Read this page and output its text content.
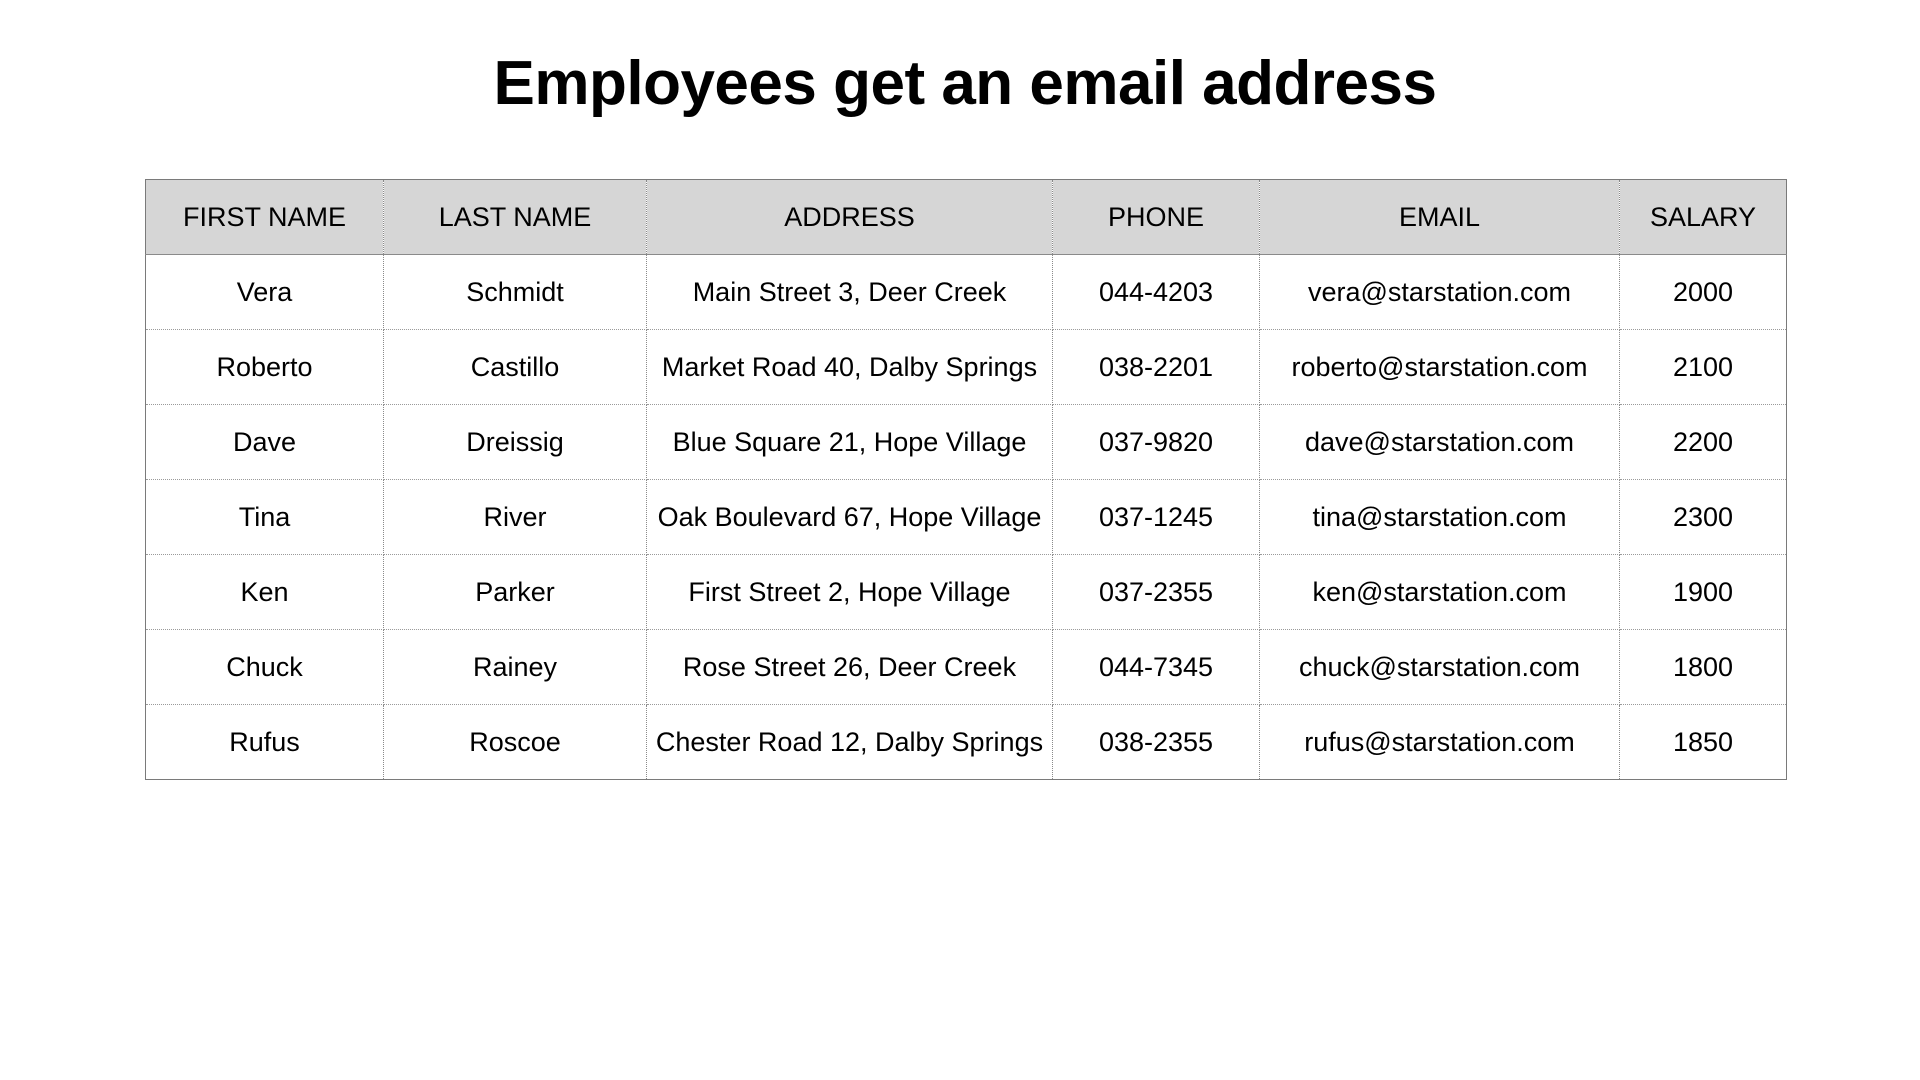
Employees get an email address
FIRST NAME	LAST NAME	ADDRESS	PHONE	EMAIL	SALARY
Vera	Schmidt	Main Street 3, Deer Creek	044-4203	vera@starstation.com	2000
Roberto	Castillo	Market Road 40, Dalby Springs	038-2201	roberto@starstation.com	2100
Dave	Dreissig	Blue Square 21, Hope Village	037-9820	dave@starstation.com	2200
Tina	River	Oak Boulevard 67, Hope Village	037-1245	tina@starstation.com	2300
Ken	Parker	First Street 2, Hope Village	037-2355	ken@starstation.com	1900
Chuck	Rainey	Rose Street 26, Deer Creek	044-7345	chuck@starstation.com	1800
Rufus	Roscoe	Chester Road 12, Dalby Springs	038-2355	rufus@starstation.com	1850
